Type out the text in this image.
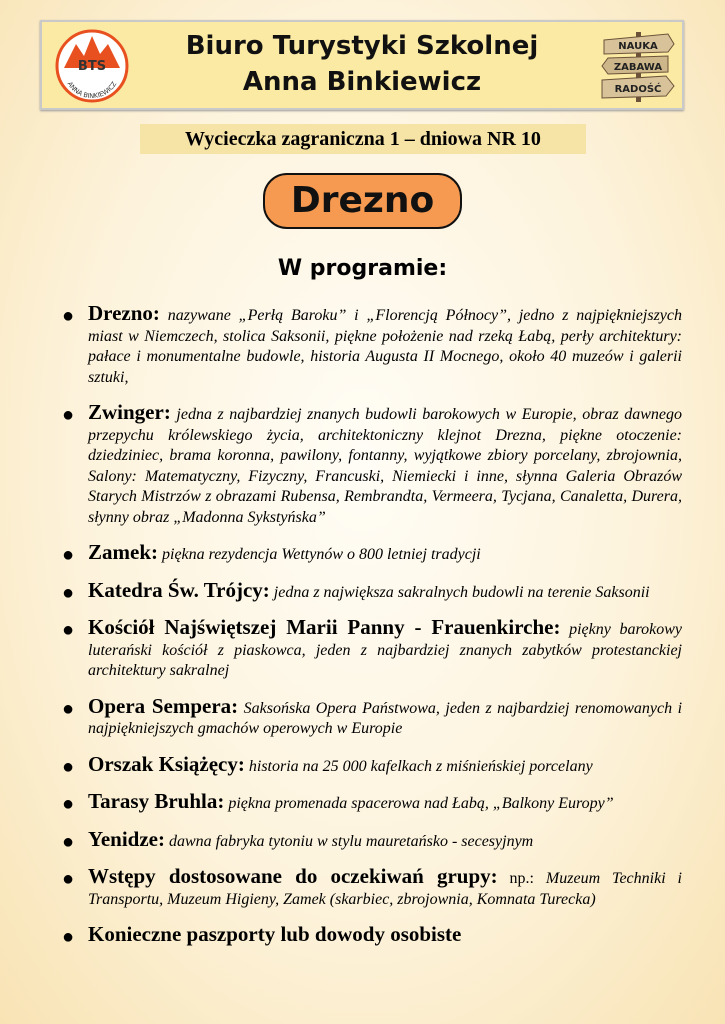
BTS
ANNA BINKIEWICZ
Biuro Turystyki Szkolnej
Anna Binkiewicz
NAUKA
ZABAWA
RADOŚĆ
Wycieczka zagraniczna 1 – dniowa NR 10
Drezno
W programie:
● Drezno: nazywane „Perłą Baroku” i „Florencją Północy”, jedno z najpiękniejszych miast w Niemczech, stolica Saksonii, piękne położenie nad rzeką Łabą, perły architektury: pałace i monumentalne budowle, historia Augusta II Mocnego, około 40 muzeów i galerii sztuki,
● Zwinger: jedna z najbardziej znanych budowli barokowych w Europie, obraz dawnego przepychu królewskiego życia, architektoniczny klejnot Drezna, piękne otoczenie: dziedziniec, brama koronna, pawilony, fontanny, wyjątkowe zbiory porcelany, zbrojownia, Salony: Matematyczny, Fizyczny, Francuski, Niemiecki i inne, słynna Galeria Obrazów Starych Mistrzów z obrazami Rubensa, Rembrandta, Vermeera, Tycjana, Canaletta, Durera, słynny obraz „Madonna Sykstyńska”
● Zamek: piękna rezydencja Wettynów o 800 letniej tradycji
● Katedra Św. Trójcy: jedna z największa sakralnych budowli na terenie Saksonii
● Kościół Najświętszej Marii Panny - Frauenkirche: piękny barokowy luterański kościół z piaskowca, jeden z najbardziej znanych zabytków protestanckiej architektury sakralnej
● Opera Sempera: Saksońska Opera Państwowa, jeden z najbardziej renomowanych i najpiękniejszych gmachów operowych w Europie
● Orszak Książęcy: historia na 25 000 kafelkach z miśnieńskiej porcelany
● Tarasy Bruhla: piękna promenada spacerowa nad Łabą, „Balkony Europy”
● Yenidze: dawna fabryka tytoniu w stylu mauretańsko - secesyjnym
● Wstępy dostosowane do oczekiwań grupy: np.: Muzeum Techniki i Transportu, Muzeum Higieny, Zamek (skarbiec, zbrojownia, Komnata Turecka)
● Konieczne paszporty lub dowody osobiste
